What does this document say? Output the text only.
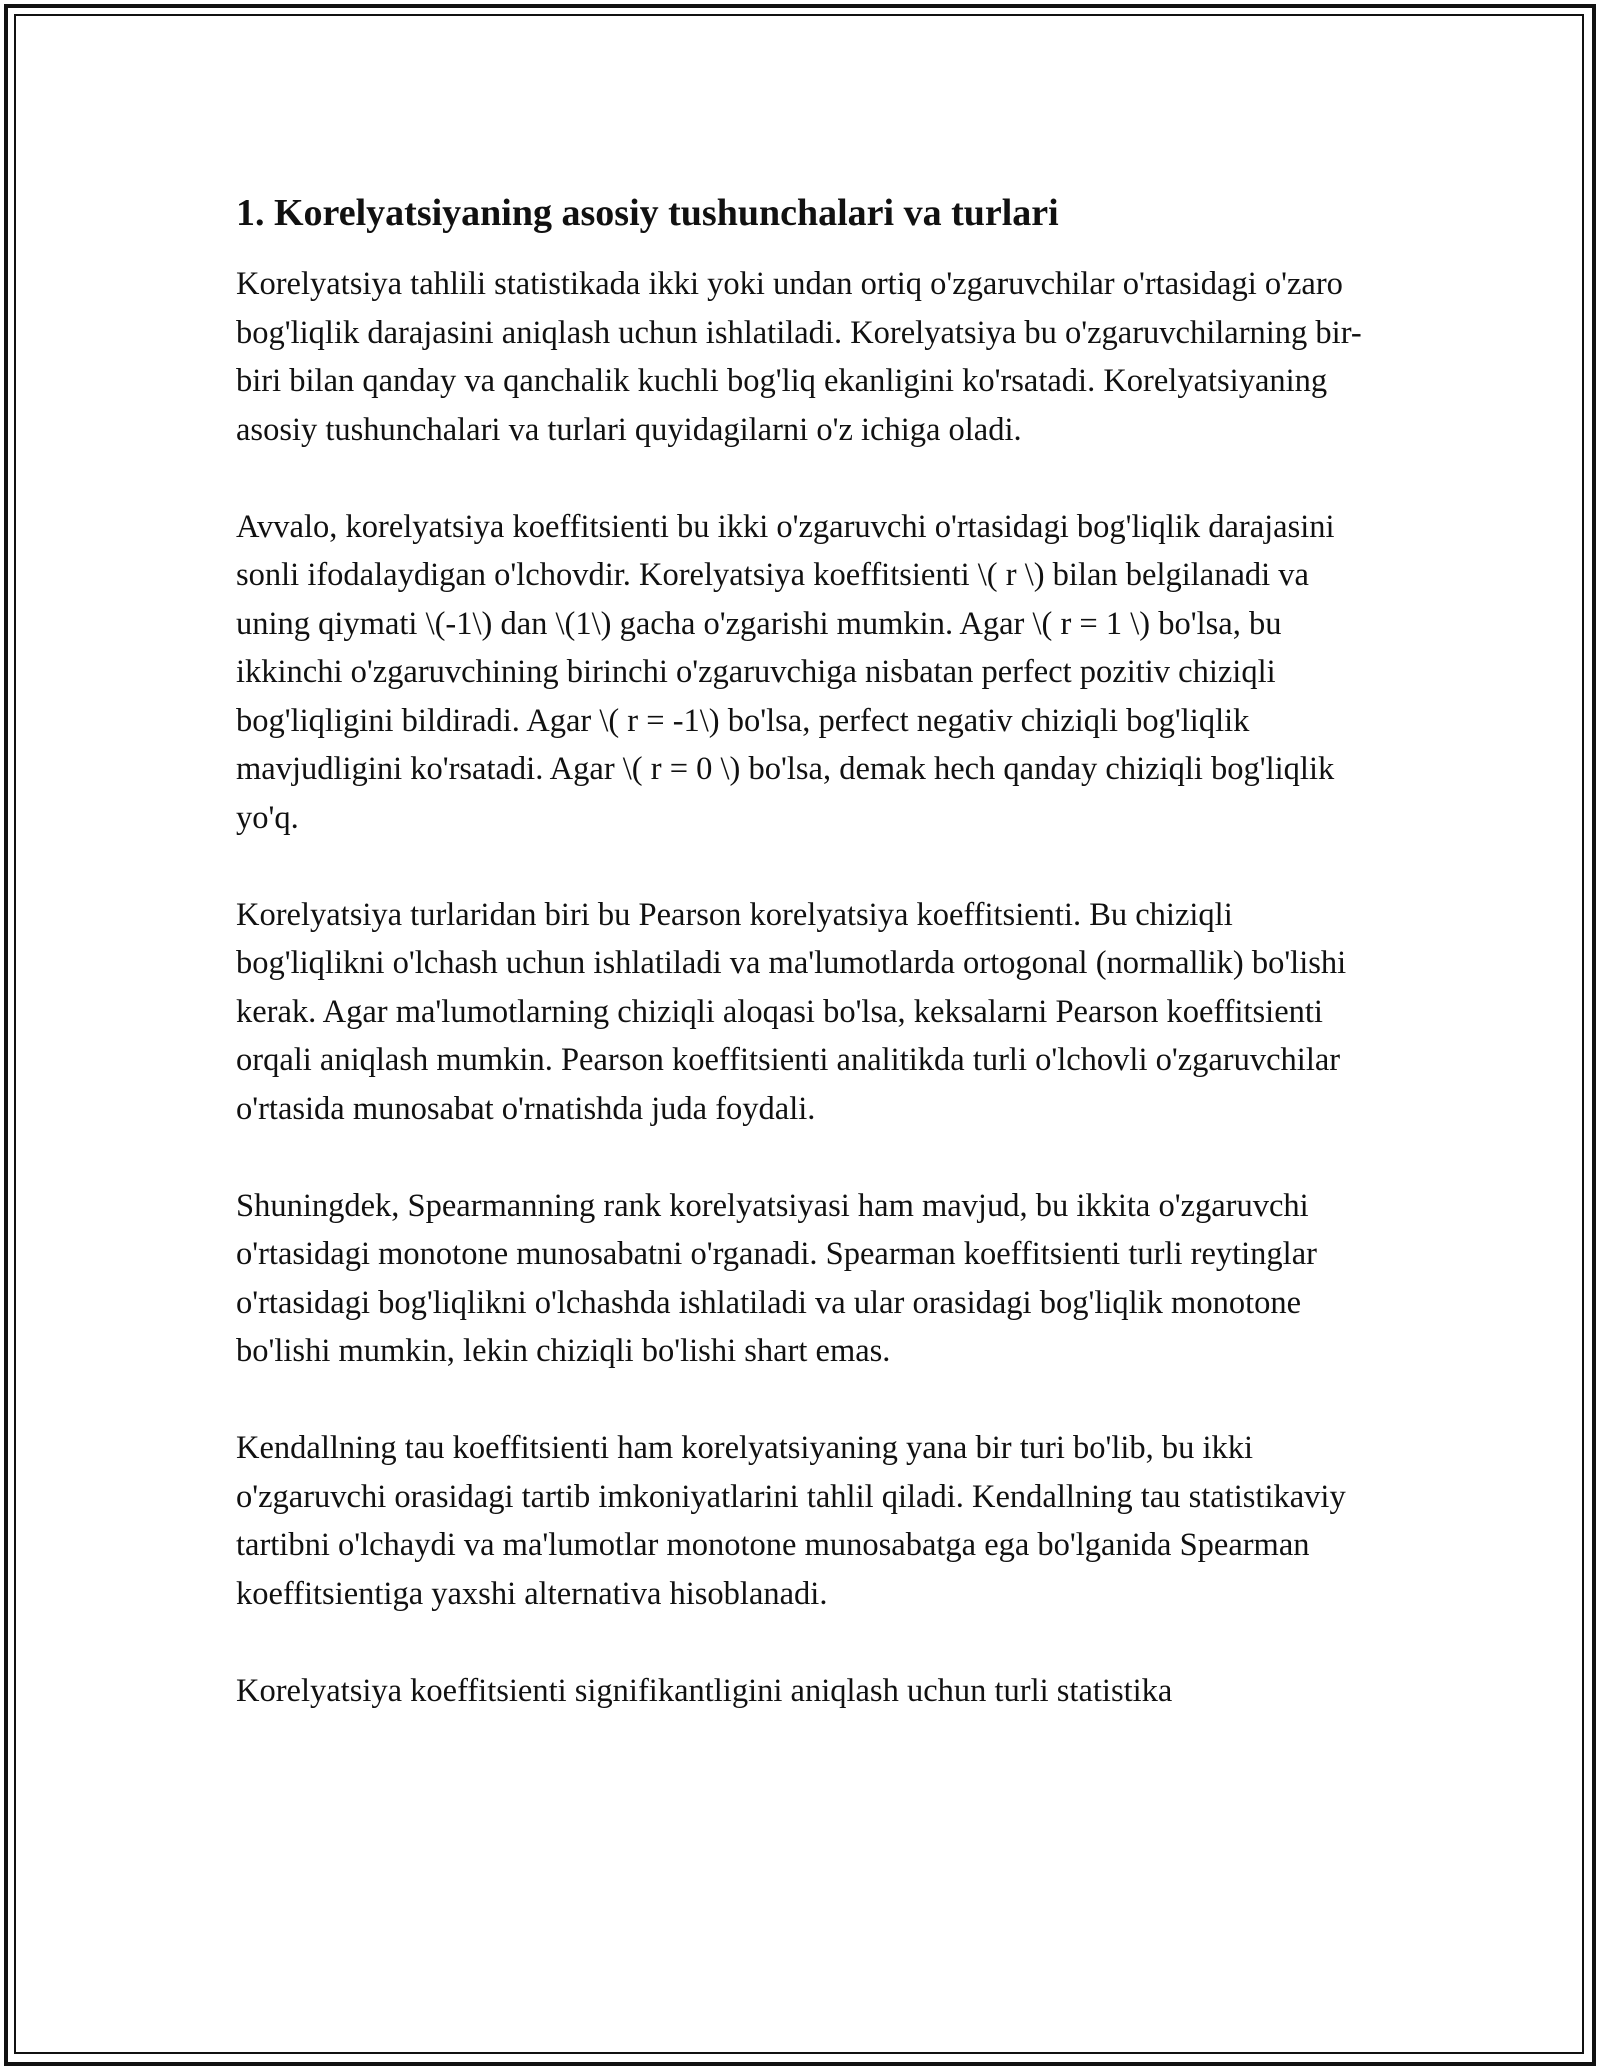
1. Korelyatsiyaning asosiy tushunchalari va turlari

Korelyatsiya tahlili statistikada ikki yoki undan ortiq o'zgaruvchilar o'rtasidagi o'zaro bog'liqlik darajasini aniqlash uchun ishlatiladi. Korelyatsiya bu o'zgaruvchilarning bir-biri bilan qanday va qanchalik kuchli bog'liq ekanligini ko'rsatadi. Korelyatsiyaning asosiy tushunchalari va turlari quyidagilarni o'z ichiga oladi.

Avvalo, korelyatsiya koeffitsienti bu ikki o'zgaruvchi o'rtasidagi bog'liqlik darajasini sonli ifodalaydigan o'lchovdir. Korelyatsiya koeffitsienti \( r \) bilan belgilanadi va uning qiymati \(-1\) dan \(1\) gacha o'zgarishi mumkin. Agar \( r = 1 \) bo'lsa, bu ikkinchi o'zgaruvchining birinchi o'zgaruvchiga nisbatan perfect pozitiv chiziqli bog'liqligini bildiradi. Agar \( r = -1\) bo'lsa, perfect negativ chiziqli bog'liqlik mavjudligini ko'rsatadi. Agar \( r = 0 \) bo'lsa, demak hech qanday chiziqli bog'liqlik yo'q.

Korelyatsiya turlaridan biri bu Pearson korelyatsiya koeffitsienti. Bu chiziqli bog'liqlikni o'lchash uchun ishlatiladi va ma'lumotlarda ortogonal (normallik) bo'lishi kerak. Agar ma'lumotlarning chiziqli aloqasi bo'lsa, keksalarni Pearson koeffitsienti orqali aniqlash mumkin. Pearson koeffitsienti analitikda turli o'lchovli o'zgaruvchilar o'rtasida munosabat o'rnatishda juda foydali.

Shuningdek, Spearmanning rank korelyatsiyasi ham mavjud, bu ikkita o'zgaruvchi o'rtasidagi monotone munosabatni o'rganadi. Spearman koeffitsienti turli reytinglar o'rtasidagi bog'liqlikni o'lchashda ishlatiladi va ular orasidagi bog'liqlik monotone bo'lishi mumkin, lekin chiziqli bo'lishi shart emas.

Kendallning tau koeffitsienti ham korelyatsiyaning yana bir turi bo'lib, bu ikki o'zgaruvchi orasidagi tartib imkoniyatlarini tahlil qiladi. Kendallning tau statistikaviy tartibni o'lchaydi va ma'lumotlar monotone munosabatga ega bo'lganida Spearman koeffitsientiga yaxshi alternativa hisoblanadi.

Korelyatsiya koeffitsienti signifikantligini aniqlash uchun turli statistika
